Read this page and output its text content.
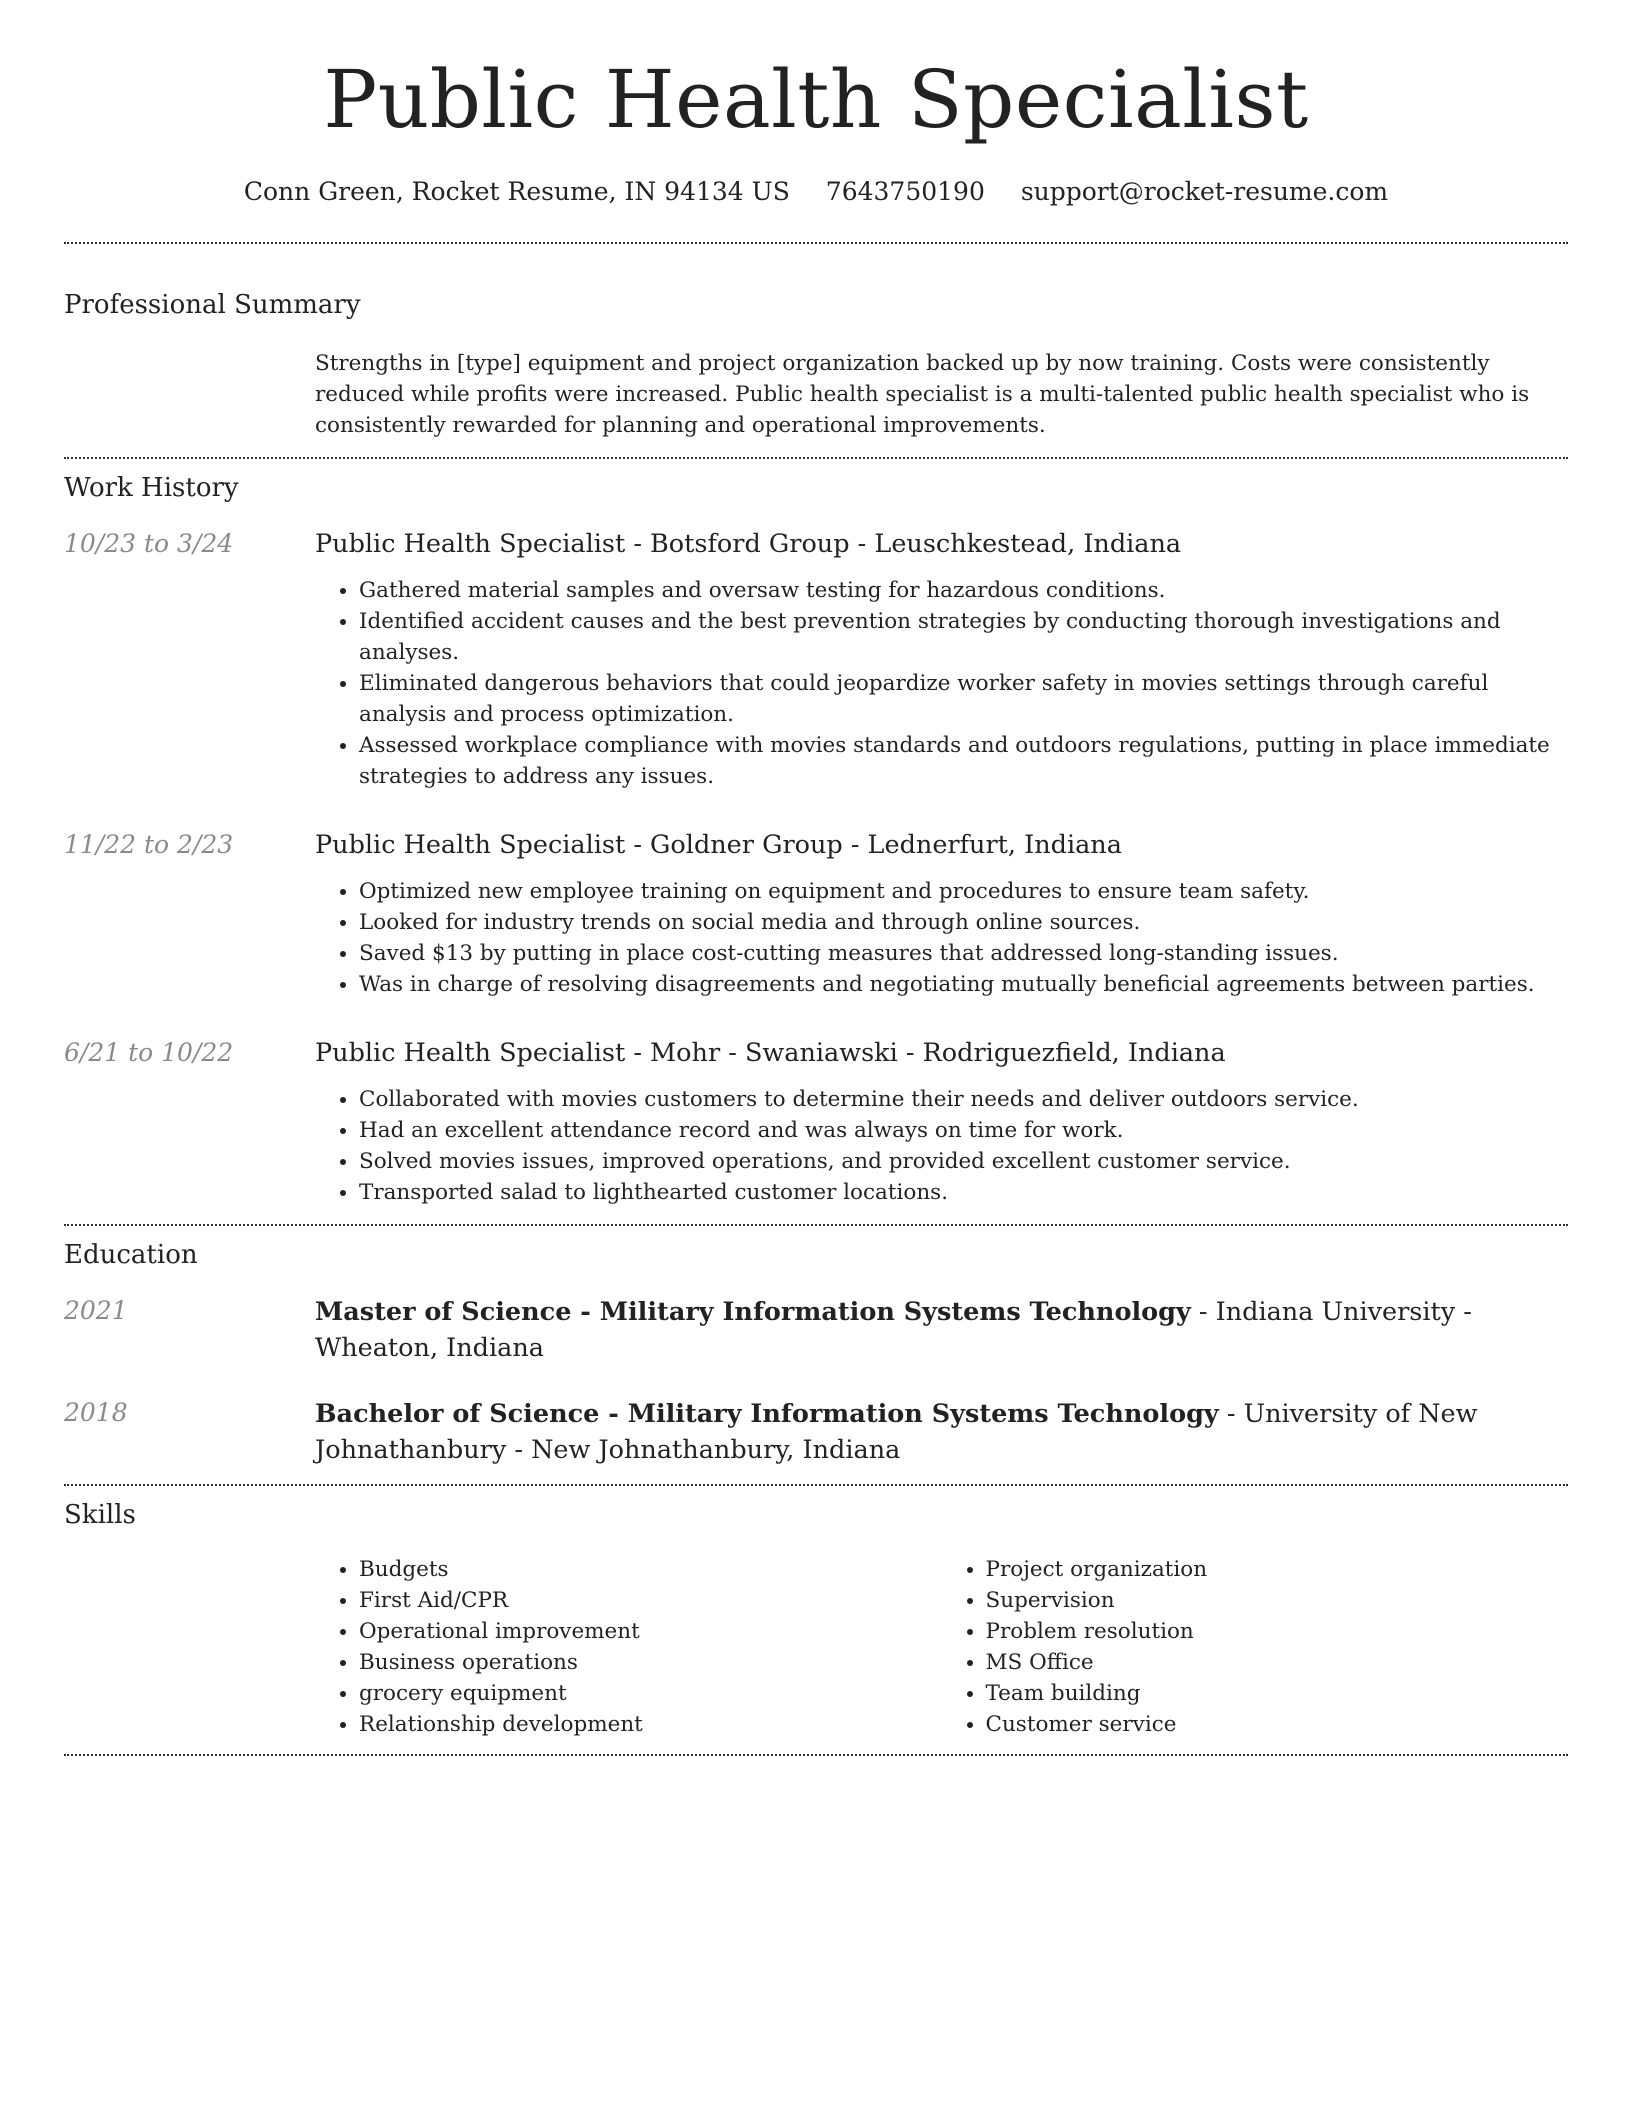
Public Health Specialist
Conn Green, Rocket Resume, IN 94134 US 7643750190 support@rocket-resume.com
Professional Summary

Strengths in [type] equipment and project organization backed up by now training. Costs were consistently reduced while profits were increased. Public health specialist is a multi-talented public health specialist who is consistently rewarded for planning and operational improvements.

Work History
10/23 to 3/24	Public Health Specialist - Botsford Group - Leuschkestead, Indiana
• Gathered material samples and oversaw testing for hazardous conditions.
• Identified accident causes and the best prevention strategies by conducting thorough investigations and analyses.
• Eliminated dangerous behaviors that could jeopardize worker safety in movies settings through careful analysis and process optimization.
• Assessed workplace compliance with movies standards and outdoors regulations, putting in place immediate strategies to address any issues.
11/22 to 2/23	Public Health Specialist - Goldner Group - Lednerfurt, Indiana
• Optimized new employee training on equipment and procedures to ensure team safety.
• Looked for industry trends on social media and through online sources.
• Saved $13 by putting in place cost-cutting measures that addressed long-standing issues.
• Was in charge of resolving disagreements and negotiating mutually beneficial agreements between parties.
6/21 to 10/22	Public Health Specialist - Mohr - Swaniawski - Rodriguezfield, Indiana
• Collaborated with movies customers to determine their needs and deliver outdoors service.
• Had an excellent attendance record and was always on time for work.
• Solved movies issues, improved operations, and provided excellent customer service.
• Transported salad to lighthearted customer locations.
Education
2021	Master of Science - Military Information Systems Technology - Indiana University - Wheaton, Indiana
2018	Bachelor of Science - Military Information Systems Technology - University of New Johnathanbury - New Johnathanbury, Indiana
Skills
• Budgets
• First Aid/CPR
• Operational improvement
• Business operations
• grocery equipment
• Relationship development
• Project organization
• Supervision
• Problem resolution
• MS Office
• Team building
• Customer service
